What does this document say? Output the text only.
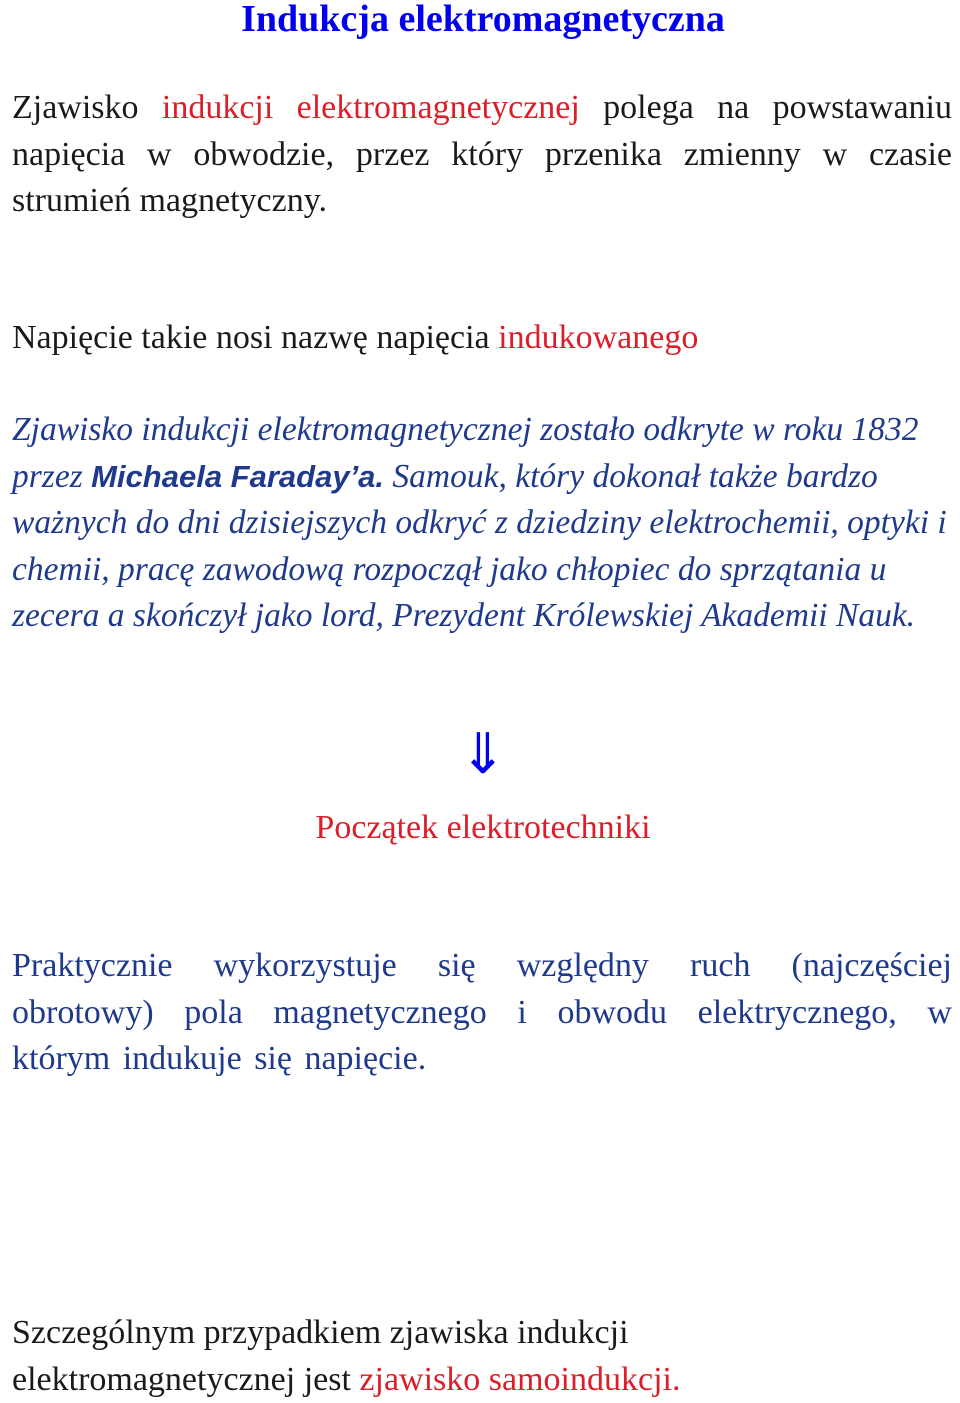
Indukcja elektromagnetyczna

Zjawisko indukcji elektromagnetycznej polega na powstawaniu napięcia w obwodzie, przez który przenika zmienny w czasie strumień magnetyczny.

Napięcie takie nosi nazwę napięcia indukowanego

Zjawisko indukcji elektromagnetycznej zostało odkryte w roku 1832 przez Michaela Faraday’a. Samouk, który dokonał także bardzo ważnych do dni dzisiejszych odkryć z dziedziny elektrochemii, optyki i chemii, pracę zawodową rozpoczął jako chłopiec do sprzątania u zecera a skończył jako lord, Prezydent Królewskiej Akademii Nauk.

⇓

Początek elektrotechniki

Praktycznie wykorzystuje się względny ruch (najczęściej obrotowy) pola magnetycznego i obwodu elektrycznego, w którym indukuje się napięcie.

Szczególnym przypadkiem zjawiska indukcji
elektromagnetycznej jest zjawisko samoindukcji.
